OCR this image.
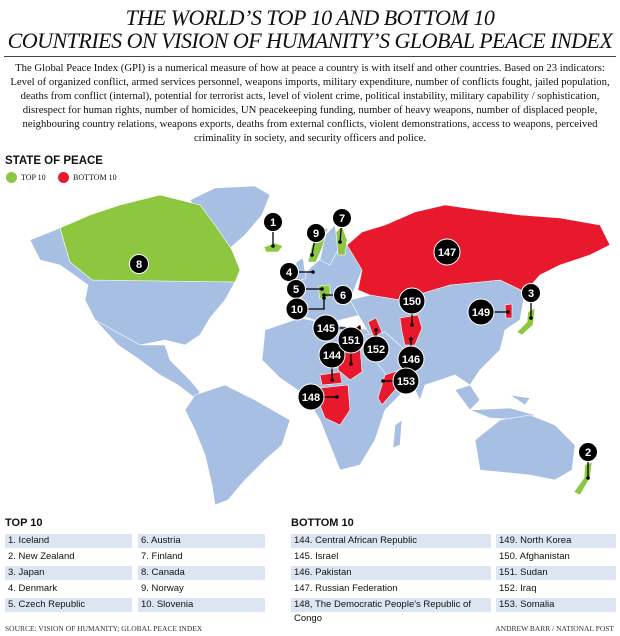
THE WORLD’S TOP 10 AND BOTTOM 10
COUNTRIES ON VISION OF HUMANITY’S GLOBAL PEACE INDEX
The Global Peace Index (GPI) is a numerical measure of how at peace a country is with itself and other countries. Based on 23 indicators: Level of organized conflict, armed services personnel, weapons imports, military expenditure, number of conflicts fought, jailed population, deaths from conflict (internal), potential for terrorist acts, level of violent crime, political instability, military capability / sophistication, disrespect for human rights, number of homicides, UN peacekeeping funding, number of heavy weapons, number of displaced people, neighbouring country relations, weapons exports, deaths from external conflicts, violent demonstrations, access to weapons, perceived criminality in society, and security officers and police.
1
2
3
4
5	6
7
8
9
10
144
145
146
147
148
149
150
151
152
153
STATE OF PEACE
TOP 10	BOTTOM 10
TOP 10	BOTTOM 10
1. Iceland
2. New Zealand
3. Japan
4. Denmark
5. Czech Republic
6. Austria
7. Finland
8. Canada
9. Norway
10. Slovenia
144. Central African Republic
145. Israel
146. Pakistan
147. Russian Federation
148, The Democratic People's Republic of Congo
149. North Korea
150. Afghanistan
151. Sudan
152. Iraq
153. Somalia
SOURCE: VISION OF HUMANITY; GLOBAL PEACE INDEX	ANDREW BARR / NATIONAL POST
